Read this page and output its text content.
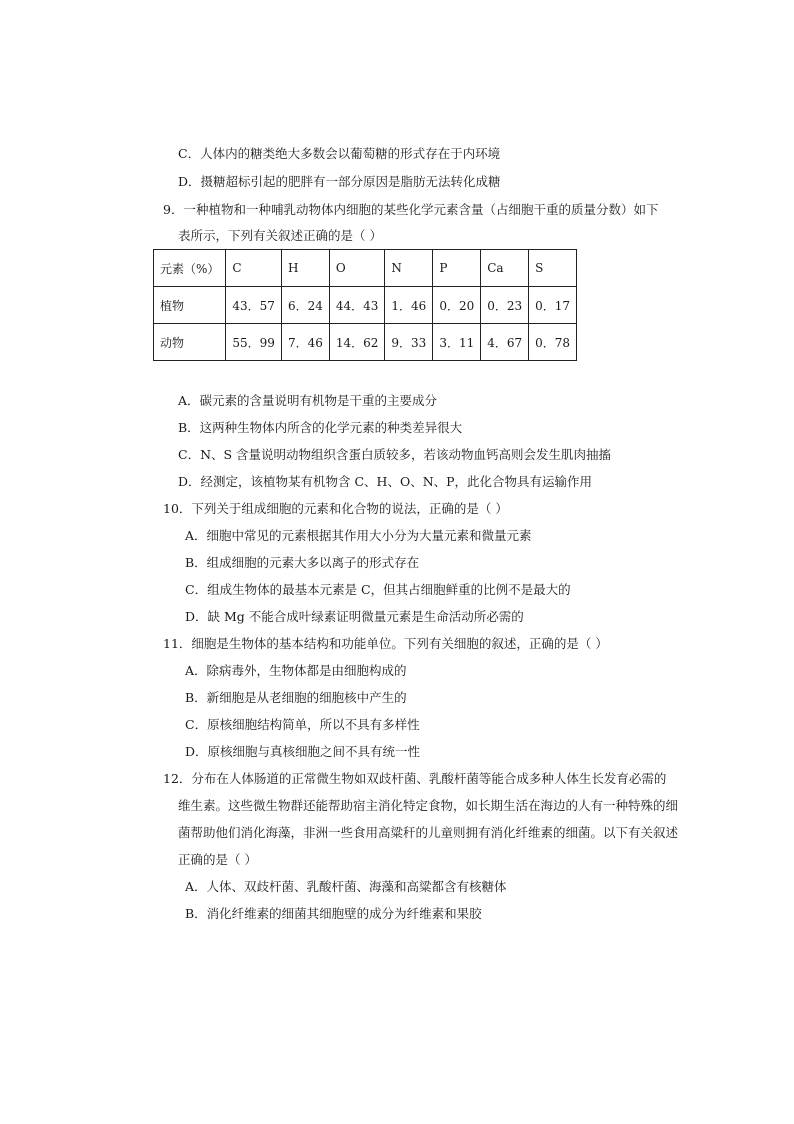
C．人体内的糖类绝大多数会以葡萄糖的形式存在于内环境
D．摄糖超标引起的肥胖有一部分原因是脂肪无法转化成糖
9．一种植物和一种哺乳动物体内细胞的某些化学元素含量（占细胞干重的质量分数）如下
表所示，下列有关叙述正确的是（ ）
元素（%）	C	H	O	N	P	Ca	S
植物	43．57	6．24	44．43	1．46	0．20	0．23	0．17
动物	55．99	7．46	14．62	9．33	3．11	4．67	0．78
A．碳元素的含量说明有机物是干重的主要成分
B．这两种生物体内所含的化学元素的种类差异很大
C．N、S 含量说明动物组织含蛋白质较多，若该动物血钙高则会发生肌肉抽搐
D．经测定，该植物某有机物含 C、H、O、N、P，此化合物具有运输作用
10．下列关于组成细胞的元素和化合物的说法，正确的是（ ）
A．细胞中常见的元素根据其作用大小分为大量元素和微量元素
B．组成细胞的元素大多以离子的形式存在
C．组成生物体的最基本元素是 C，但其占细胞鲜重的比例不是最大的
D．缺 Mg 不能合成叶绿素证明微量元素是生命活动所必需的
11．细胞是生物体的基本结构和功能单位。下列有关细胞的叙述，正确的是（ ）
A．除病毒外，生物体都是由细胞构成的
B．新细胞是从老细胞的细胞核中产生的
C．原核细胞结构简单，所以不具有多样性
D．原核细胞与真核细胞之间不具有统一性
12．分布在人体肠道的正常微生物如双歧杆菌、乳酸杆菌等能合成多种人体生长发育必需的
维生素。这些微生物群还能帮助宿主消化特定食物，如长期生活在海边的人有一种特殊的细
菌帮助他们消化海藻，非洲一些食用高粱秆的儿童则拥有消化纤维素的细菌。以下有关叙述
正确的是（ ）
A．人体、双歧杆菌、乳酸杆菌、海藻和高粱都含有核糖体
B．消化纤维素的细菌其细胞壁的成分为纤维素和果胶
